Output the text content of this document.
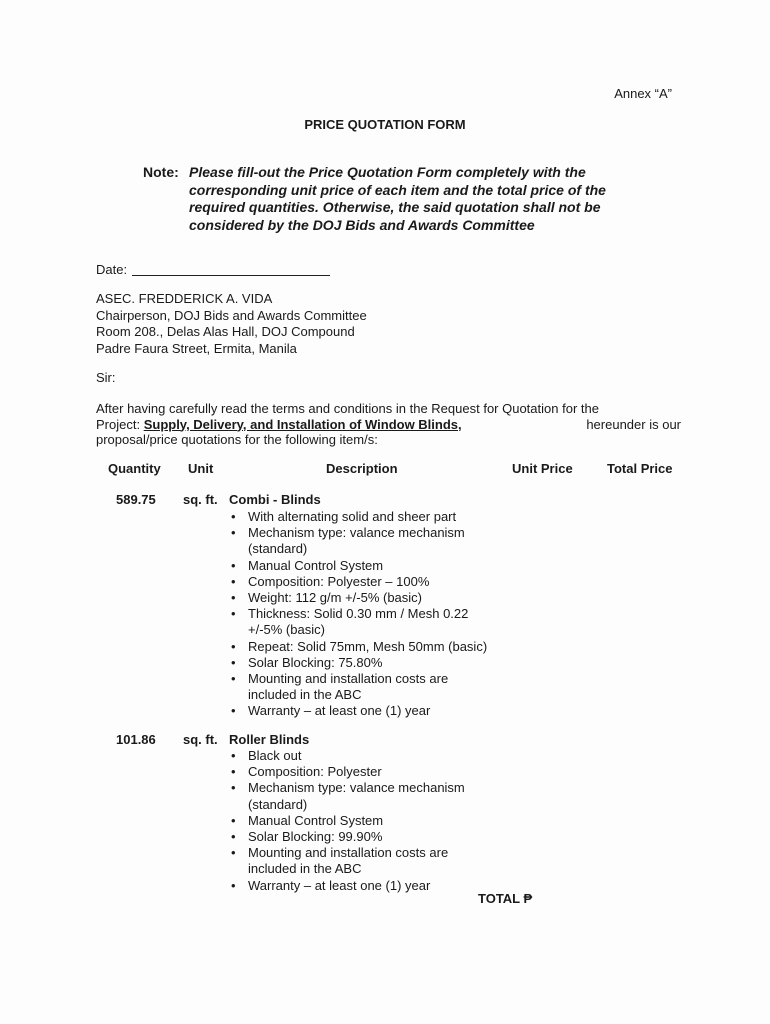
Annex “A”
PRICE QUOTATION FORM
Note: Please fill-out the Price Quotation Form completely with the
corresponding unit price of each item and the total price of the
required quantities. Otherwise, the said quotation shall not be
considered by the DOJ Bids and Awards Committee
Date:
ASEC. FREDDERICK A. VIDA
Chairperson, DOJ Bids and Awards Committee
Room 208., Delas Alas Hall, DOJ Compound
Padre Faura Street, Ermita, Manila
Sir:
After having carefully read the terms and conditions in the Request for Quotation for the
Project: Supply, Delivery, and Installation of Window Blinds,	hereunder is our
proposal/price quotations for the following item/s:
Quantity Unit	Description	Unit Price	Total Price
589.75 sq. ft. Combi - Blinds
• With alternating solid and sheer part
• Mechanism type: valance mechanism
(standard)
• Manual Control System
• Composition: Polyester – 100%
• Weight: 112 g/m +/-5% (basic)
• Thickness: Solid 0.30 mm / Mesh 0.22
+/-5% (basic)
• Repeat: Solid 75mm, Mesh 50mm (basic)
• Solar Blocking: 75.80%
• Mounting and installation costs are
included in the ABC
• Warranty – at least one (1) year
101.86 sq. ft. Roller Blinds
• Black out
• Composition: Polyester
• Mechanism type: valance mechanism
(standard)
• Manual Control System
• Solar Blocking: 99.90%
• Mounting and installation costs are
included in the ABC
• Warranty – at least one (1) year
TOTAL ₱
